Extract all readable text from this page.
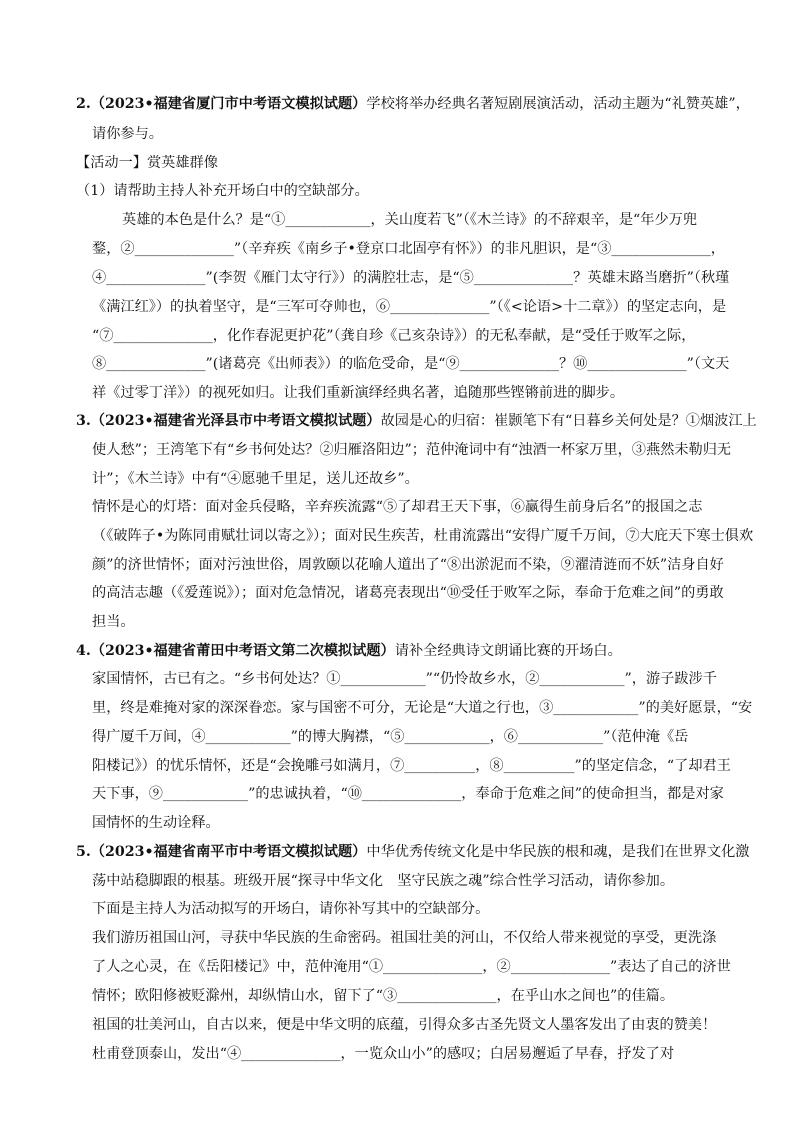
2.（2023•福建省厦门市中考语文模拟试题）学校将举办经典名著短剧展演活动，活动主题为“礼赞英雄”，
请你参与。
【活动一】赏英雄群像
（1）请帮助主持人补充开场白中的空缺部分。
英雄的本色是什么？是“①____________，关山度若飞”（《木兰诗》的不辞艰辛，是“年少万兜
鍪，②______________”（辛弃疾《南乡子•登京口北固亭有怀》）的非凡胆识，是“③______________，
④______________”(李贺《雁门太守行》）的满腔壮志，是“⑤______________？英雄末路当磨折”（秋瑾
《满江红》）的执着坚守，是“三军可夺帅也，⑥______________”（《<论语>十二章》）的坚定志向，是
“⑦______________，化作春泥更护花”（龚自珍《己亥杂诗》）的无私奉献，是“受任于败军之际，
⑧______________”(诸葛亮《出师表》）的临危受命，是“⑨______________？⑩______________”（文天
祥《过零丁洋》）的视死如归。让我们重新演绎经典名著，追随那些铿锵前进的脚步。
3.（2023•福建省光泽县市中考语文模拟试题）故园是心的归宿：崔颢笔下有“日暮乡关何处是？①烟波江上
使人愁”；王湾笔下有“乡书何处达？②归雁洛阳边”；范仲淹词中有“浊酒一杯家万里，③燕然未勒归无
计”；《木兰诗》中有“④愿驰千里足，送儿还故乡”。
情怀是心的灯塔：面对金兵侵略，辛弃疾流露“⑤了却君王天下事，⑥赢得生前身后名”的报国之志
（《破阵子•为陈同甫赋壮词以寄之》）；面对民生疾苦，杜甫流露出“安得广厦千万间，⑦大庇天下寒士俱欢
颜”的济世情怀；面对污浊世俗，周敦颐以花喻人道出了“⑧出淤泥而不染，⑨濯清涟而不妖”洁身自好
的高洁志趣（《爱莲说》）；面对危急情况，诸葛亮表现出“⑩受任于败军之际，奉命于危难之间”的勇敢
担当。
4.（2023•福建省莆田中考语文第二次模拟试题）请补全经典诗文朗诵比赛的开场白。
家国情怀，古已有之。“乡书何处达？①____________”“仍怜故乡水，②____________”，游子跋涉千
里，终是难掩对家的深深眷恋。家与国密不可分，无论是“大道之行也，③____________”的美好愿景，“安
得广厦千万间，④____________”的博大胸襟，“⑤____________，⑥____________”（范仲淹《岳
阳楼记》）的忧乐情怀，还是“会挽雕弓如满月，⑦__________，⑧__________”的坚定信念，“了却君王
天下事，⑨____________”的忠诚执着，“⑩______________，奉命于危难之间”的使命担当，都是对家
国情怀的生动诠释。
5.（2023•福建省南平市中考语文模拟试题）中华优秀传统文化是中华民族的根和魂，是我们在世界文化激
荡中站稳脚跟的根基。班级开展“探寻中华文化　坚守民族之魂”综合性学习活动，请你参加。
下面是主持人为活动拟写的开场白，请你补写其中的空缺部分。
我们游历祖国山河，寻获中华民族的生命密码。祖国壮美的河山，不仅给人带来视觉的享受，更洗涤
了人之心灵，在《岳阳楼记》中，范仲淹用“①______________，②______________”表达了自己的济世
情怀；欧阳修被贬滁州，却纵情山水，留下了“③______________，在乎山水之间也”的佳篇。
祖国的壮美河山，自古以来，便是中华文明的底蕴，引得众多古圣先贤文人墨客发出了由衷的赞美！
杜甫登顶泰山，发出“④______________，一览众山小”的感叹；白居易邂逅了早春，抒发了对
